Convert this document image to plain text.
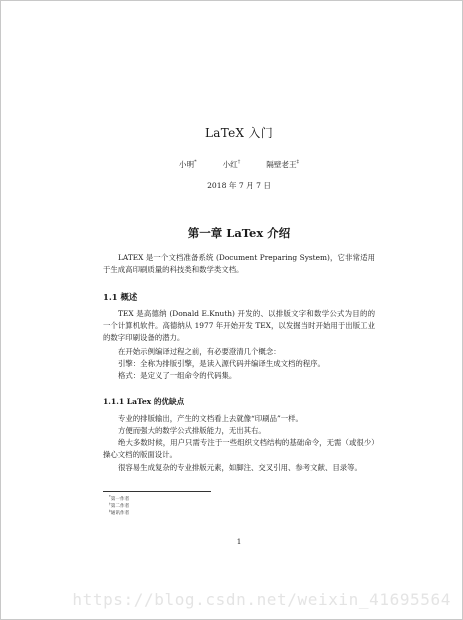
LaTeX 入门
小明*	小红†	隔壁老王‡
2018 年 7 月 7 日
第一章 LaTex 介绍
LATEX 是一个文档准备系统 (Document Preparing System)，它非常适用于生成高印刷质量的科技类和数学类文档。
1.1 概述
TEX 是高德纳 (Donald E.Knuth) 开发的、以排版文字和数学公式为目的的一个计算机软件。高德纳从 1977 年开始开发 TEX，以发掘当时开始用于出版工业的数字印刷设备的潜力。
在开始示例编译过程之前，有必要澄清几个概念：
引擎：全称为排版引擎，是读入源代码并编译生成文档的程序。
格式：是定义了一组命令的代码集。
1.1.1 LaTex 的优缺点
专业的排版输出，产生的文档看上去就像“印刷品”一样。
方便而强大的数学公式排版能力，无出其右。
绝大多数时候，用户只需专注于一些组织文档结构的基础命令，无需（或很少）操心文档的版面设计。
很容易生成复杂的专业排版元素，如脚注、交叉引用、参考文献、目录等。
*第一作者
†第二作者
‡通讯作者
1
https://blog.csdn.net/weixin_41695564
